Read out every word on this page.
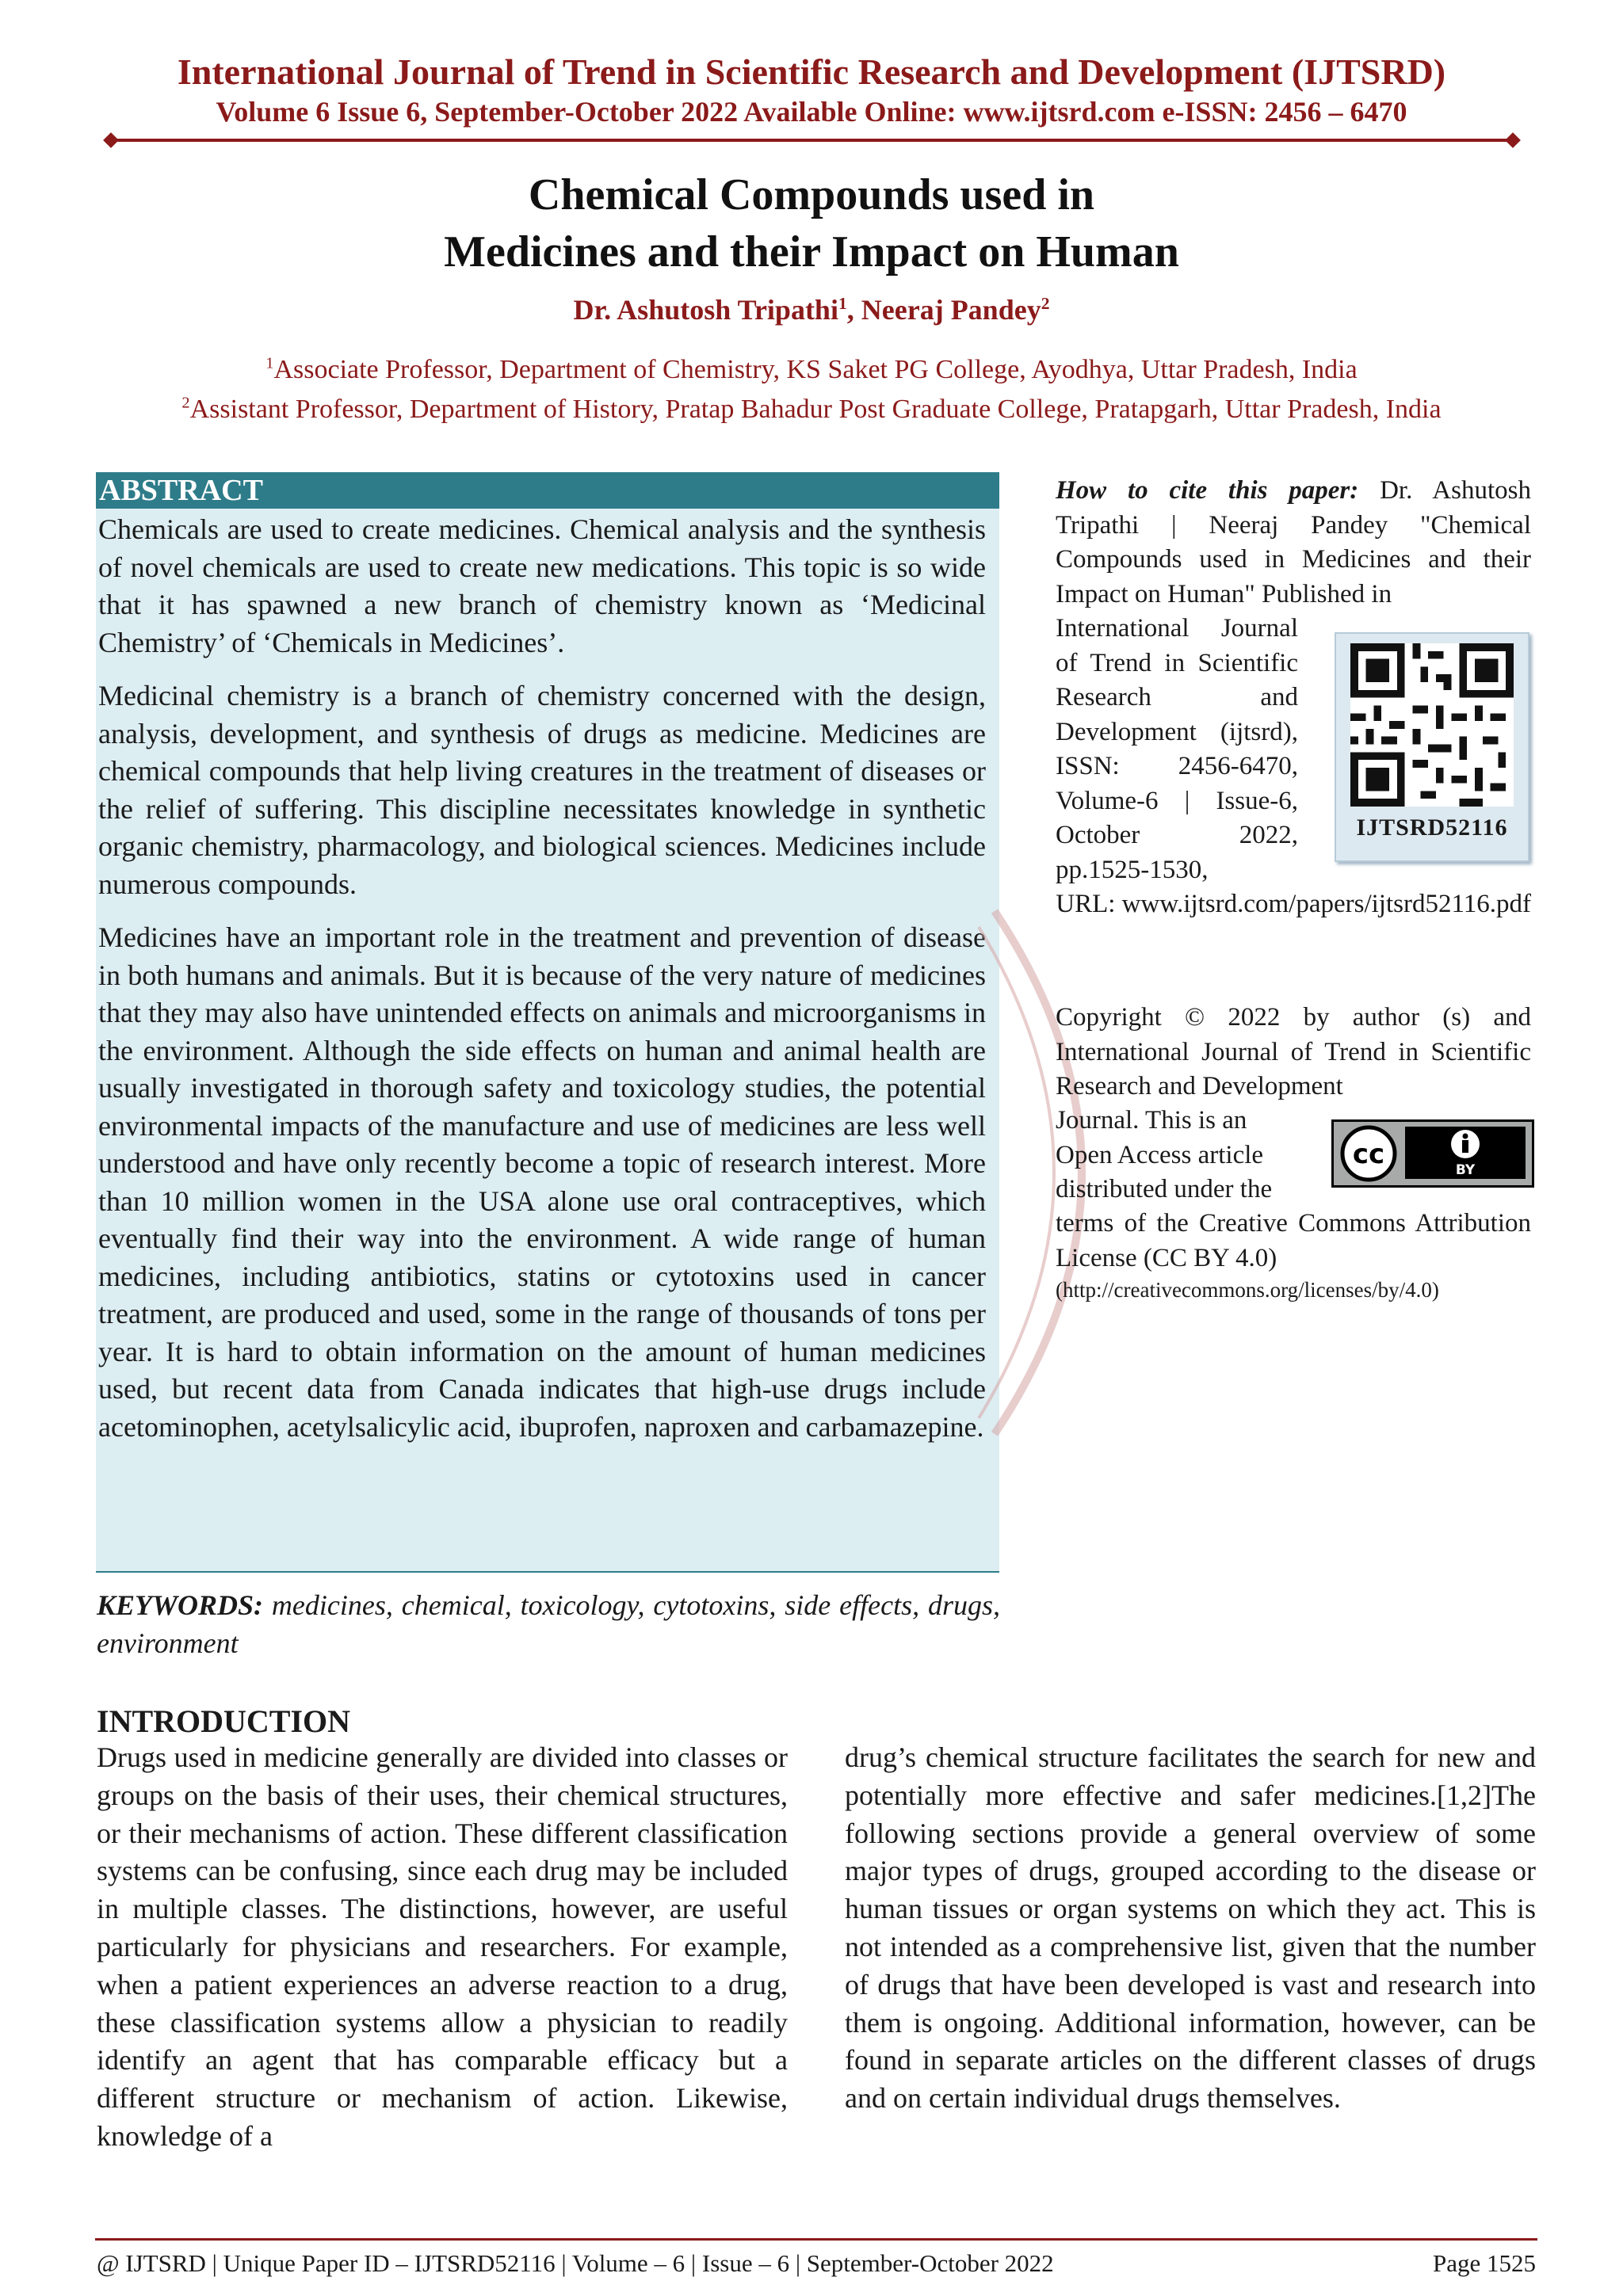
International Journal of Trend in Scientific Research and Development (IJTSRD)
Volume 6 Issue 6, September-October 2022 Available Online: www.ijtsrd.com e-ISSN: 2456 – 6470
Chemical Compounds used in
Medicines and their Impact on Human
Dr. Ashutosh Tripathi$^1$, Neeraj Pandey$^2$
$^1$Associate Professor, Department of Chemistry, KS Saket PG College, Ayodhya, Uttar Pradesh, India
$^2$Assistant Professor, Department of History, Pratap Bahadur Post Graduate College, Pratapgarh, Uttar Pradesh, India
ABSTRACT

Chemicals are used to create medicines. Chemical analysis and the synthesis of novel chemicals are used to create new medications. This topic is so wide that it has spawned a new branch of chemistry known as ‘Medicinal Chemistry’ of ‘Chemicals in Medicines’.

Medicinal chemistry is a branch of chemistry concerned with the design, analysis, development, and synthesis of drugs as medicine. Medicines are chemical compounds that help living creatures in the treatment of diseases or the relief of suffering. This discipline necessitates knowledge in synthetic organic chemistry, pharmacology, and biological sciences. Medicines include numerous compounds.

Medicines have an important role in the treatment and prevention of disease in both humans and animals. But it is because of the very nature of medicines that they may also have unintended effects on animals and microorganisms in the environment. Although the side effects on human and animal health are usually investigated in thorough safety and toxicology studies, the potential environmental impacts of the manufacture and use of medicines are less well understood and have only recently become a topic of research interest. More than 10 million women in the USA alone use oral contraceptives, which eventually find their way into the environment. A wide range of human medicines, including antibiotics, statins or cytotoxins used in cancer treatment, are produced and used, some in the range of thousands of tons per year. It is hard to obtain information on the amount of human medicines used, but recent data from Canada indicates that high-use drugs include acetominophen, acetylsalicylic acid, ibuprofen, naproxen and carbamazepine.

How to cite this paper: Dr. Ashutosh Tripathi | Neeraj Pandey "Chemical Compounds used in Medicines and their Impact on Human" Published in
International Journal of Trend in Scientific Research and Development (ijtsrd), ISSN: 2456-6470, Volume-6 | Issue-6, October 2022, pp.1525-1530,
URL: www.ijtsrd.com/papers/ijtsrd52116.pdf
IJTSRD52116
Copyright © 2022 by author (s) and International Journal of Trend in Scientific Research and Development
Journal. This is an Open Access article distributed under the
terms of the Creative Commons Attribution License (CC BY 4.0)
(http://creativecommons.org/licenses/by/4.0)
cc	BY
KEYWORDS: medicines, chemical, toxicology, cytotoxins, side effects, drugs, environment
INTRODUCTION
Drugs used in medicine generally are divided into classes or groups on the basis of their uses, their chemical structures, or their mechanisms of action. These different classification systems can be confusing, since each drug may be included in multiple classes. The distinctions, however, are useful particularly for physicians and researchers. For example, when a patient experiences an adverse reaction to a drug, these classification systems allow a physician to readily identify an agent that has comparable efficacy but a different structure or mechanism of action. Likewise, knowledge of a
drug’s chemical structure facilitates the search for new and potentially more effective and safer medicines.[1,2]The following sections provide a general overview of some major types of drugs, grouped according to the disease or human tissues or organ systems on which they act. This is not intended as a comprehensive list, given that the number of drugs that have been developed is vast and research into them is ongoing. Additional information, however, can be found in separate articles on the different classes of drugs and on certain individual drugs themselves.
@ IJTSRD | Unique Paper ID – IJTSRD52116 | Volume – 6 | Issue – 6 | September-October 2022	Page 1525
